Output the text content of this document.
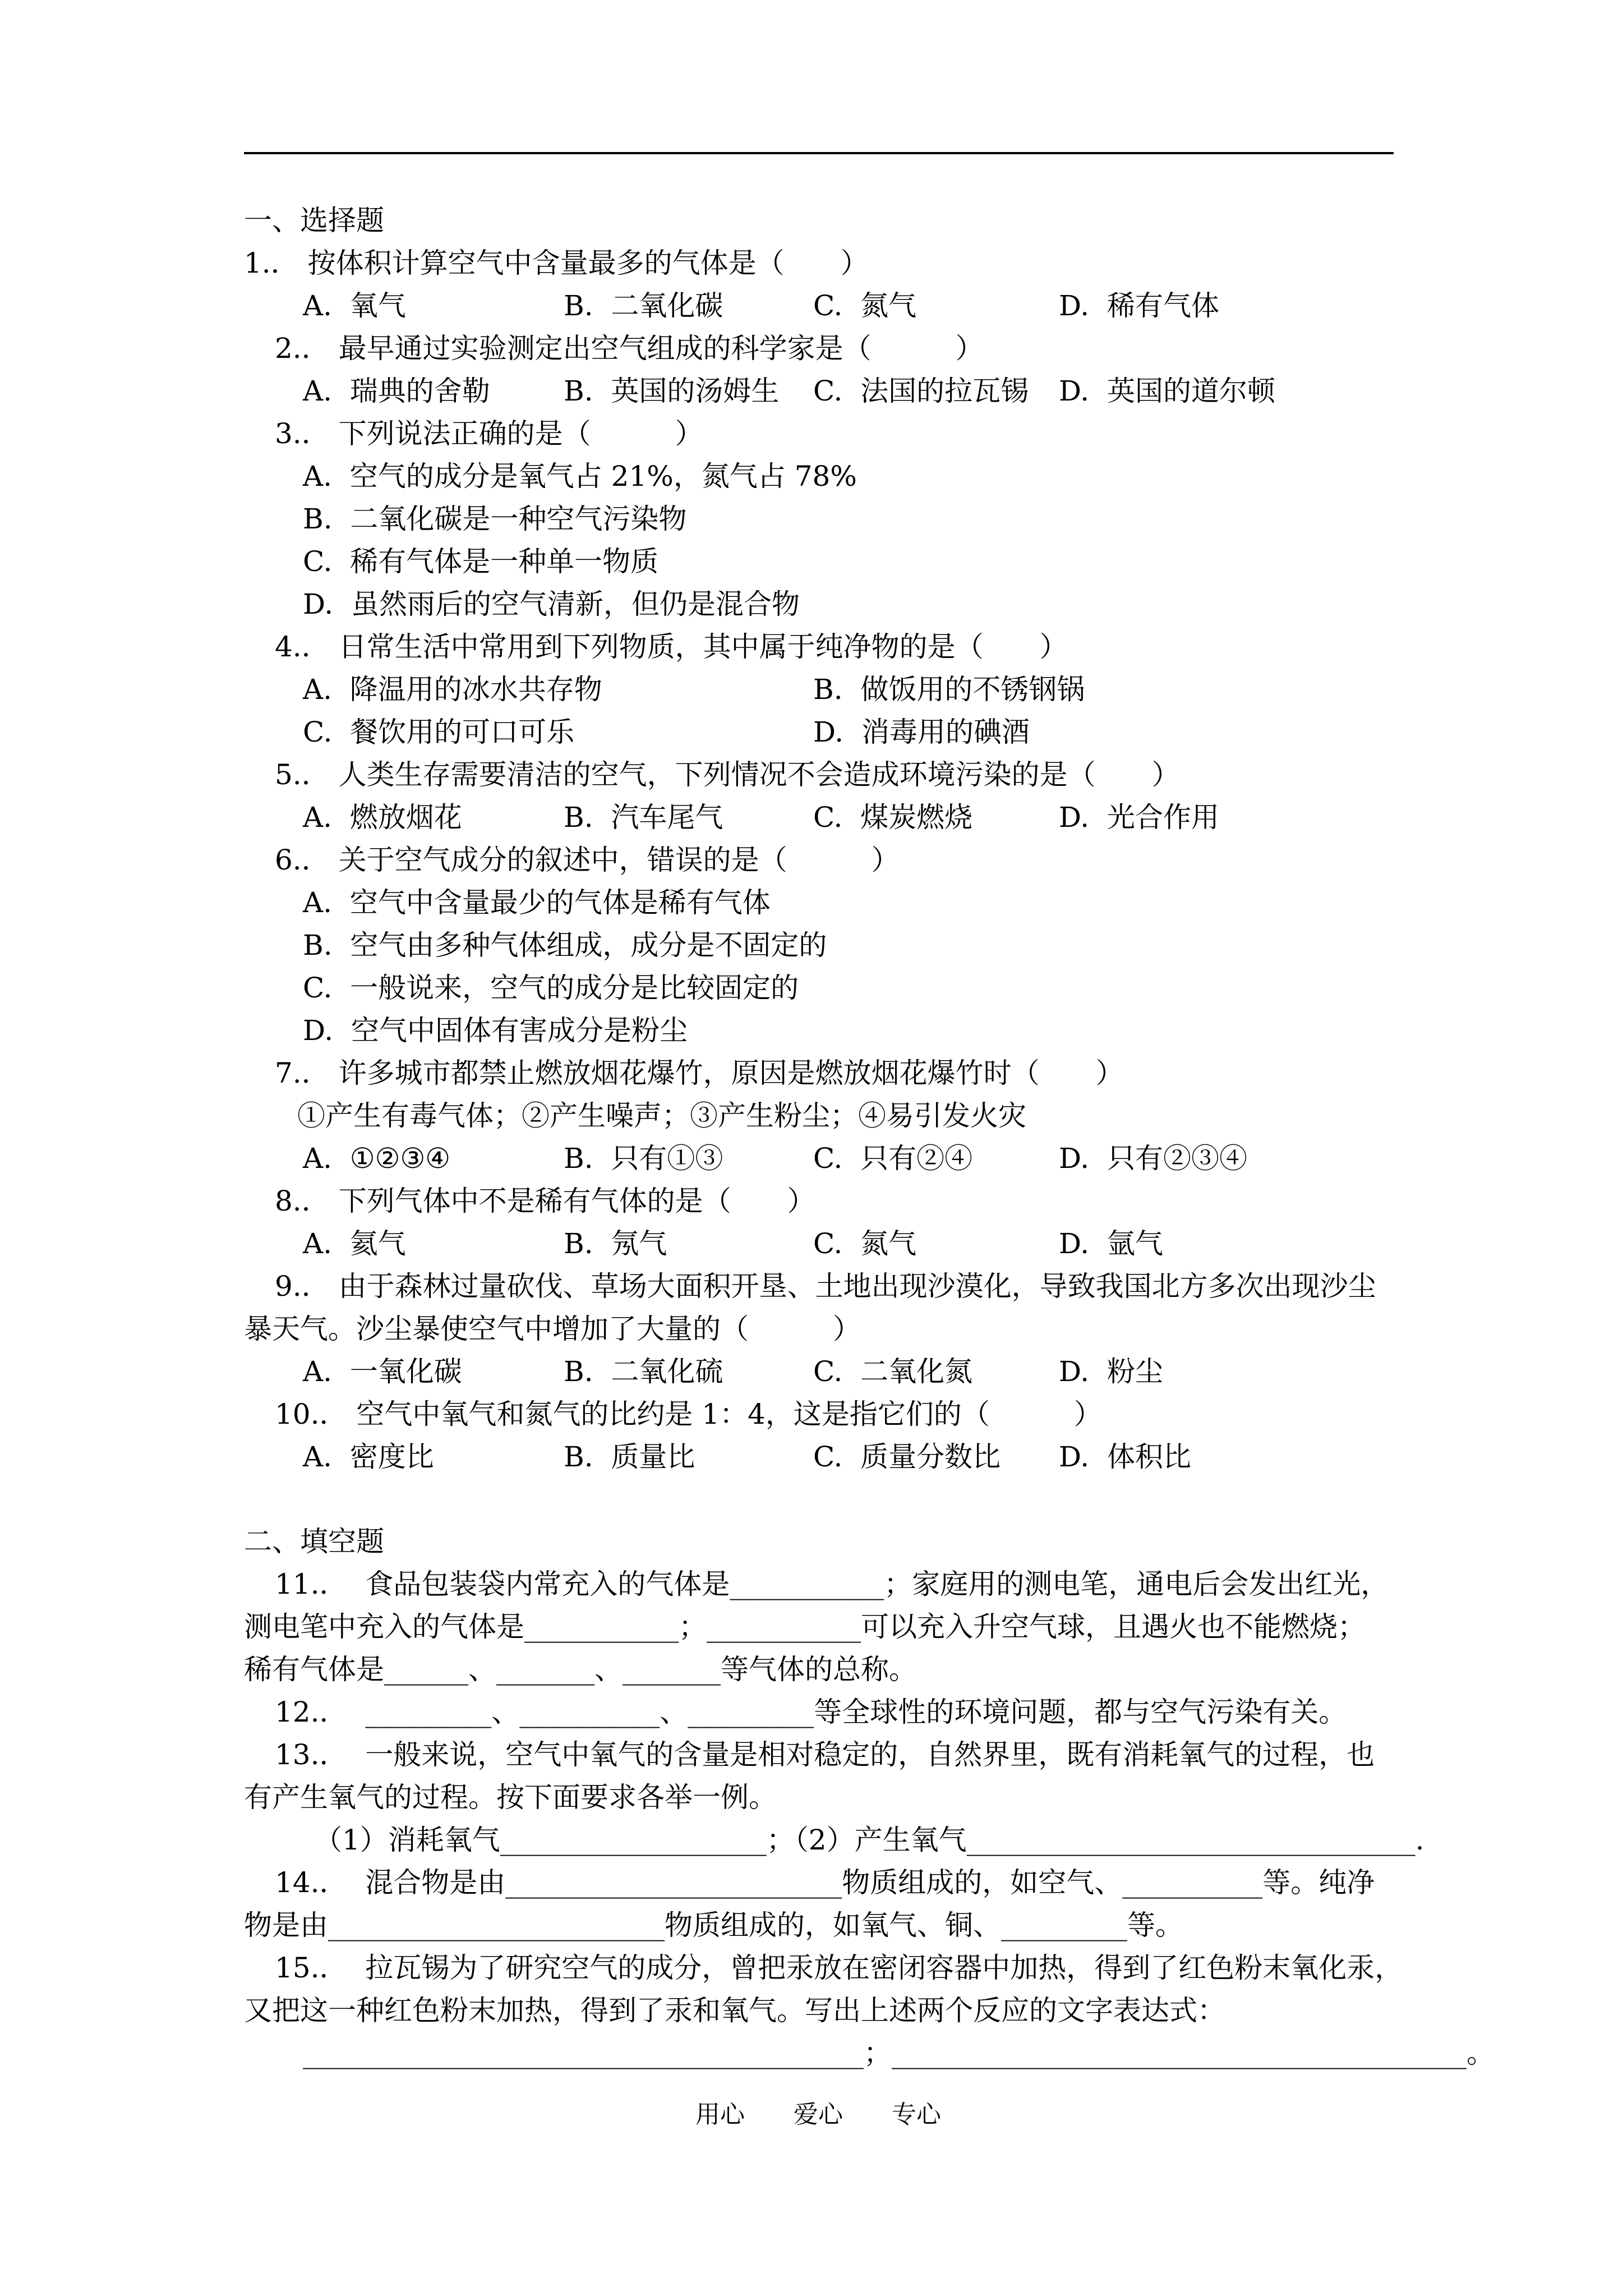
一、选择题
1.． 按体积计算空气中含量最多的气体是（　　）
A.  氧气	B.  二氧化碳	C.  氮气	D.  稀有气体
2.． 最早通过实验测定出空气组成的科学家是（　　　）
A.  瑞典的舍勒	B.  英国的汤姆生 C.  法国的拉瓦锡 D.  英国的道尔顿
3.． 下列说法正确的是（　　　）
A.  空气的成分是氧气占 21%，氮气占 78%
B.  二氧化碳是一种空气污染物
C.  稀有气体是一种单一物质
D.  虽然雨后的空气清新，但仍是混合物
4.． 日常生活中常用到下列物质，其中属于纯净物的是（　　）
A.  降温用的冰水共存物	B.  做饭用的不锈钢锅
C.  餐饮用的可口可乐	D.  消毒用的碘酒
5.． 人类生存需要清洁的空气，下列情况不会造成环境污染的是（　　）
A.  燃放烟花	B.  汽车尾气	C.  煤炭燃烧	D.  光合作用
6.． 关于空气成分的叙述中，错误的是（　　　）
A.  空气中含量最少的气体是稀有气体
B.  空气由多种气体组成，成分是不固定的
C.  一般说来，空气的成分是比较固定的
D.  空气中固体有害成分是粉尘
7.． 许多城市都禁止燃放烟花爆竹，原因是燃放烟花爆竹时（　　）
①产生有毒气体；②产生噪声；③产生粉尘；④易引发火灾
A.  ①②③④	B.  只有①③	C.  只有②④	D.  只有②③④
8.． 下列气体中不是稀有气体的是（　　）
A.  氦气	B.  氖气	C.  氮气	D.  氩气
9.． 由于森林过量砍伐、草场大面积开垦、土地出现沙漠化，导致我国北方多次出现沙尘
暴天气。沙尘暴使空气中增加了大量的（　　　）
A.  一氧化碳	B.  二氧化硫	C.  二氧化氮	D.  粉尘
10.． 空气中氧气和氮气的比约是 1：4，这是指它们的（　　　）
A.  密度比	B.  质量比	C.  质量分数比 D.  体积比
二、填空题
11.．  食品包装袋内常充入的气体是___________；家庭用的测电笔，通电后会发出红光，
测电笔中充入的气体是___________；___________可以充入升空气球，且遇火也不能燃烧；
稀有气体是______、_______、_______等气体的总称。
12.．  _________、__________、_________等全球性的环境问题，都与空气污染有关。
13.．  一般来说，空气中氧气的含量是相对稳定的，自然界里，既有消耗氧气的过程，也
有产生氧气的过程。按下面要求各举一例。
（1）消耗氧气___________________；（2）产生氧气________________________________.
14.．  混合物是由________________________物质组成的，如空气、__________等。纯净
物是由________________________物质组成的，如氧气、铜、_________等。
15.．  拉瓦锡为了研究空气的成分，曾把汞放在密闭容器中加热，得到了红色粉末氧化汞，
又把这一种红色粉末加热，得到了汞和氧气。写出上述两个反应的文字表达式：
________________________________________；_________________________________________。
用心 爱心 专心
